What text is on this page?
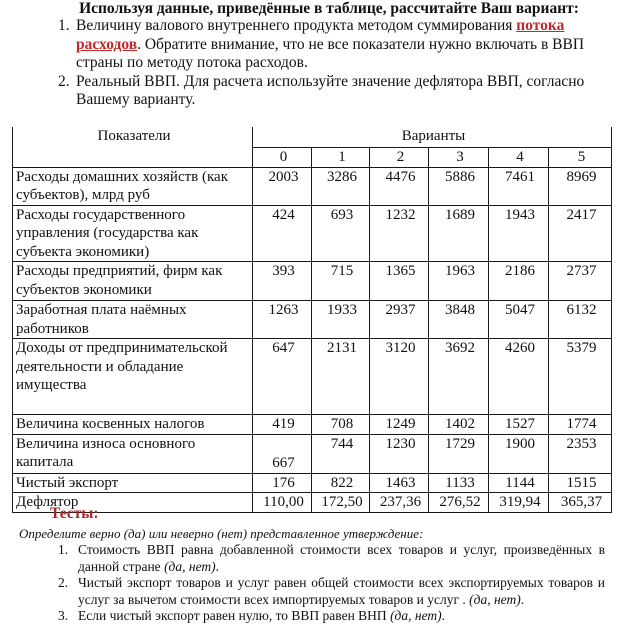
Используя данные, приведённые в таблице, рассчитайте Ваш вариант:
1. Величину валового внутреннего продукта методом суммирования потока расходов. Обратите внимание, что не все показатели нужно включать в ВВП страны по методу потока расходов.
2. Реальный ВВП. Для расчета используйте значение дефлятора ВВП, согласно Вашему варианту.
Показатели	Варианты					
	0	1	2	3	4	5
Расходы домашних хозяйств (как субъектов), млрд руб	2003	3286	4476	5886	7461	8969
Расходы государственного управления (государства как субъекта экономики)	424	693	1232	1689	1943	2417
Расходы предприятий, фирм как субъектов экономики	393	715	1365	1963	2186	2737
Заработная плата наёмных работников	1263	1933	2937	3848	5047	6132
Доходы от предпринимательской деятельности и обладание имущества	647	2131	3120	3692	4260	5379
Величина косвенных налогов	419	708	1249	1402	1527	1774
Величина износа основного капитала	667	744	1230	1729	1900	2353
Чистый экспорт	176	822	1463	1133	1144	1515
Дефлятор	110,00	172,50	237,36	276,52	319,94	365,37
Тесты:
Определите верно (да) или неверно (нет) представленное утверждение:
1. Стоимость ВВП равна добавленной стоимости всех товаров и услуг, произведённых в данной стране (да, нет).
2. Чистый экспорт товаров и услуг равен общей стоимости всех экспортируемых товаров и услуг за вычетом стоимости всех импортируемых товаров и услуг . (да, нет).
3. Если чистый экспорт равен нулю, то ВВП равен ВНП (да, нет).
